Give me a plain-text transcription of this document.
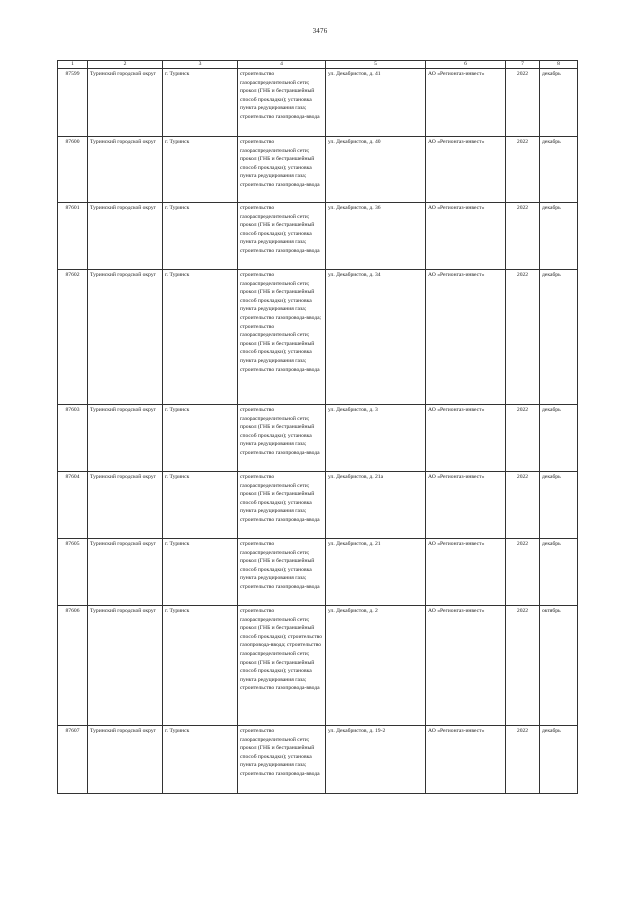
3476
1	2	3	4	5	6	7	8
87599	Туринский городской округ	г. Туринск	строительство газораспределительной сети; прокол (ГНБ и бестраншейный способ прокладки); установка пункта редуцирования газа; строительство газопровода-ввода	ул. Декабристов, д. 41	АО «Регионгаз-инвест»	2022	декабрь
87600	Туринский городской округ	г. Туринск	строительство газораспределительной сети; прокол (ГНБ и бестраншейный способ прокладки); установка пункта редуцирования газа; строительство газопровода-ввода	ул. Декабристов, д. 40	АО «Регионгаз-инвест»	2022	декабрь
87601	Туринский городской округ	г. Туринск	строительство газораспределительной сети; прокол (ГНБ и бестраншейный способ прокладки); установка пункта редуцирования газа; строительство газопровода-ввода	ул. Декабристов, д. 36	АО «Регионгаз-инвест»	2022	декабрь
87602	Туринский городской округ	г. Туринск	строительство газораспределительной сети; прокол (ГНБ и бестраншейный способ прокладки); установка пункта редуцирования газа; строительство газопровода-ввода; строительство газораспределительной сети; прокол (ГНБ и бестраншейный способ прокладки); установка пункта редуцирования газа; строительство газопровода-ввода	ул. Декабристов, д. 34	АО «Регионгаз-инвест»	2022	декабрь
87603	Туринский городской округ	г. Туринск	строительство газораспределительной сети; прокол (ГНБ и бестраншейный способ прокладки); установка пункта редуцирования газа; строительство газопровода-ввода	ул. Декабристов, д. 3	АО «Регионгаз-инвест»	2022	декабрь
87604	Туринский городской округ	г. Туринск	строительство газораспределительной сети; прокол (ГНБ и бестраншейный способ прокладки); установка пункта редуцирования газа; строительство газопровода-ввода	ул. Декабристов, д. 21а	АО «Регионгаз-инвест»	2022	декабрь
87605	Туринский городской округ	г. Туринск	строительство газораспределительной сети; прокол (ГНБ и бестраншейный способ прокладки); установка пункта редуцирования газа; строительство газопровода-ввода	ул. Декабристов, д. 21	АО «Регионгаз-инвест»	2022	декабрь
87606	Туринский городской округ	г. Туринск	строительство газораспределительной сети; прокол (ГНБ и бестраншейный способ прокладки); строительство газопровода-ввода; строительство газораспределительной сети; прокол (ГНБ и бестраншейный способ прокладки); установка пункта редуцирования газа; строительство газопровода-ввода	ул. Декабристов, д. 2	АО «Регионгаз-инвест»	2022	октябрь
87607	Туринский городской округ	г. Туринск	строительство газораспределительной сети; прокол (ГНБ и бестраншейный способ прокладки); установка пункта редуцирования газа; строительство газопровода-ввода	ул. Декабристов, д. 19-2	АО «Регионгаз-инвест»	2022	декабрь
